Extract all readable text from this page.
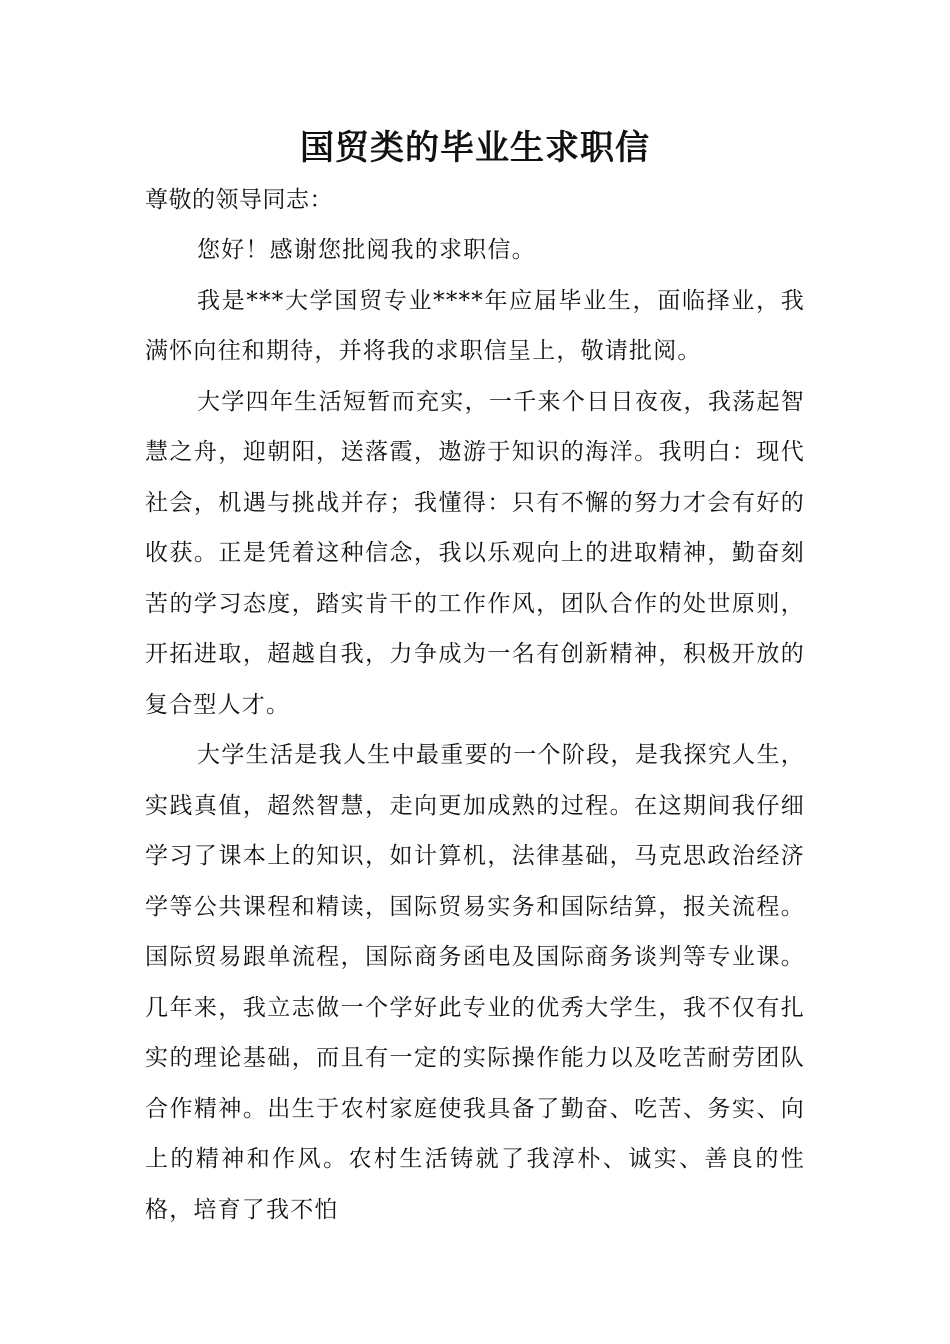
国贸类的毕业生求职信

尊敬的领导同志：

您好！感谢您批阅我的求职信。

我是***大学国贸专业****年应届毕业生，面临择业，我满怀向往和期待，并将我的求职信呈上，敬请批阅。

大学四年生活短暂而充实，一千来个日日夜夜，我荡起智慧之舟，迎朝阳，送落霞，遨游于知识的海洋。我明白：现代社会，机遇与挑战并存；我懂得：只有不懈的努力才会有好的收获。正是凭着这种信念，我以乐观向上的进取精神，勤奋刻苦的学习态度，踏实肯干的工作作风，团队合作的处世原则，开拓进取，超越自我，力争成为一名有创新精神，积极开放的复合型人才。

大学生活是我人生中最重要的一个阶段，是我探究人生，实践真值，超然智慧，走向更加成熟的过程。在这期间我仔细学习了课本上的知识，如计算机，法律基础，马克思政治经济学等公共课程和精读，国际贸易实务和国际结算，报关流程。国际贸易跟单流程，国际商务函电及国际商务谈判等专业课。几年来，我立志做一个学好此专业的优秀大学生，我不仅有扎实的理论基础，而且有一定的实际操作能力以及吃苦耐劳团队合作精神。出生于农村家庭使我具备了勤奋、吃苦、务实、向上的精神和作风。农村生活铸就了我淳朴、诚实、善良的性格，培育了我不怕
